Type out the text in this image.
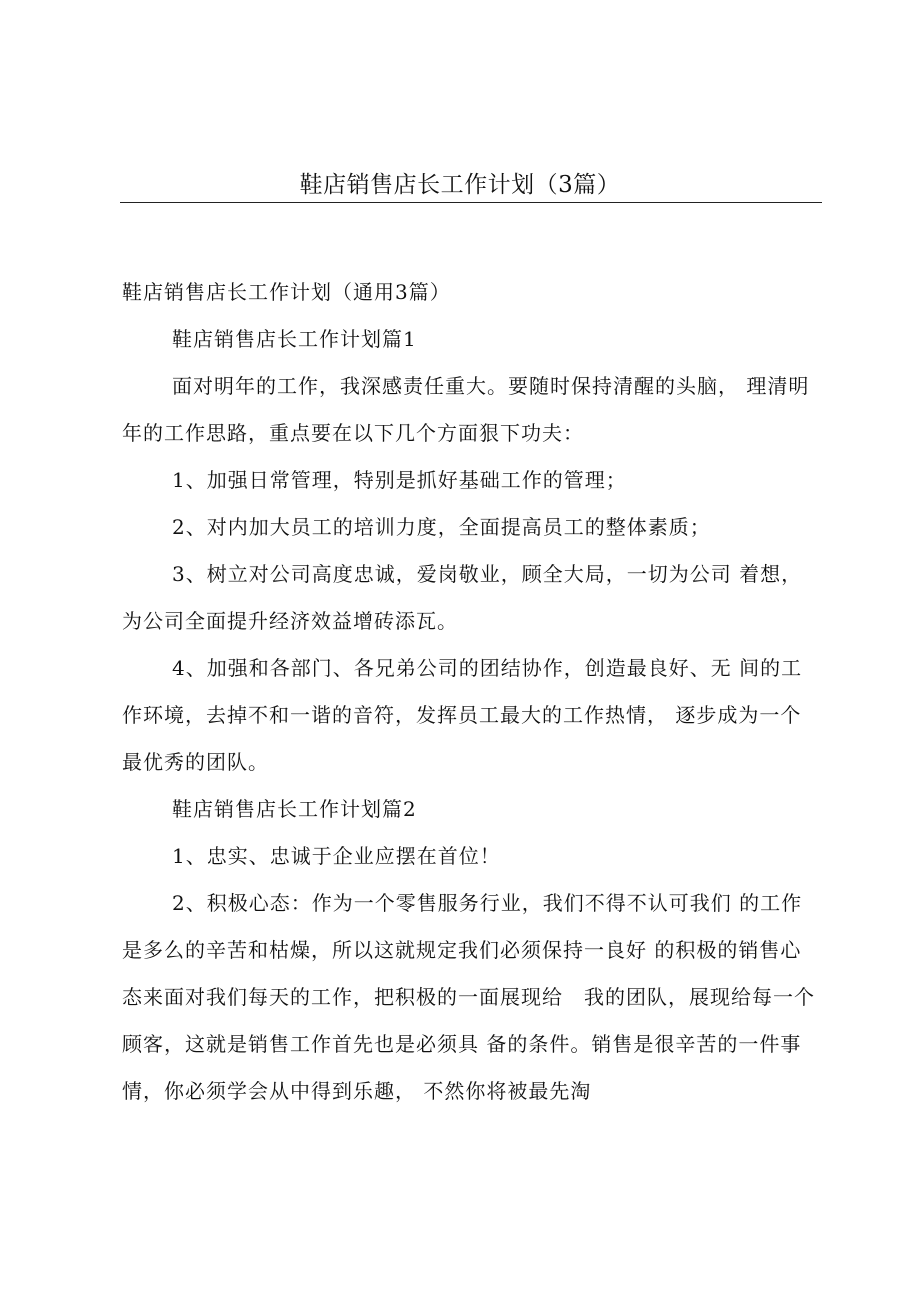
鞋店销售店长工作计划（3篇）

鞋店销售店长工作计划（通用3篇）

鞋店销售店长工作计划篇1

面对明年的工作，我深感责任重大。要随时保持清醒的头脑， 理清明年的工作思路，重点要在以下几个方面狠下功夫：

1、加强日常管理，特别是抓好基础工作的管理；

2、对内加大员工的培训力度，全面提高员工的整体素质；

3、树立对公司高度忠诚，爱岗敬业，顾全大局，一切为公司 着想，为公司全面提升经济效益增砖添瓦。

4、加强和各部门、各兄弟公司的团结协作，创造最良好、无 间的工作环境，去掉不和一谐的音符，发挥员工最大的工作热情， 逐步成为一个最优秀的团队。

鞋店销售店长工作计划篇2

1、忠实、忠诚于企业应摆在首位！

2、积极心态：作为一个零售服务行业，我们不得不认可我们 的工作是多么的辛苦和枯燥，所以这就规定我们必须保持一良好 的积极的销售心态来面对我们每天的工作，把积极的一面展现给　我的团队，展现给每一个顾客，这就是销售工作首先也是必须具 备的条件。销售是很辛苦的一件事情，你必须学会从中得到乐趣， 不然你将被最先淘
